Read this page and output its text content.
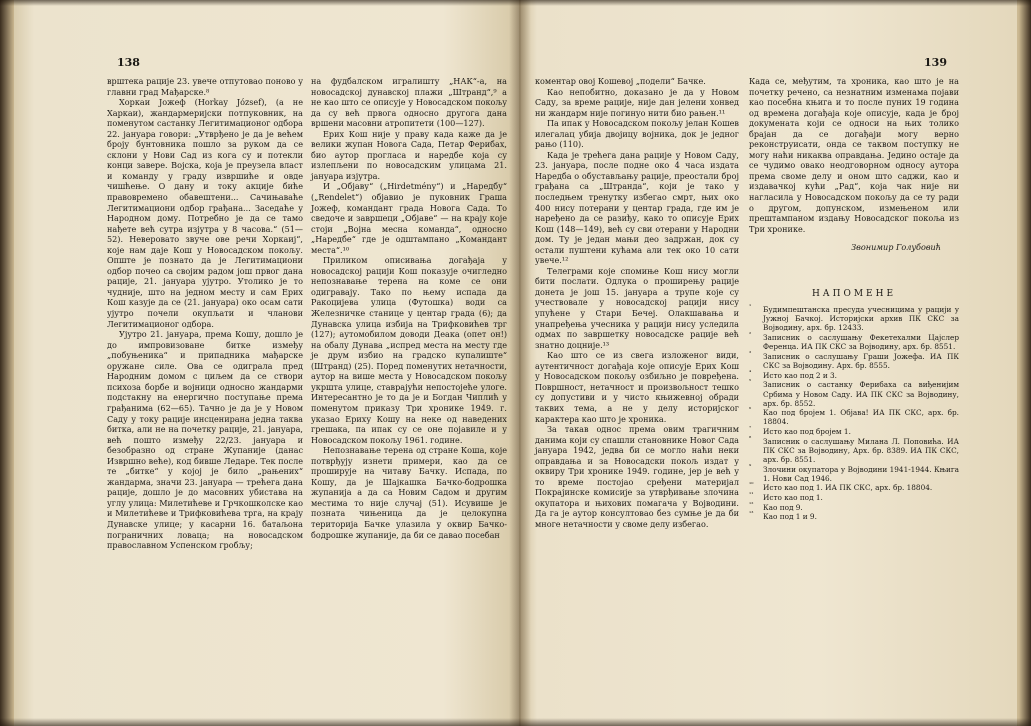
138

врштека рације 23. увече отпутовао поново у главни град Мађарске.⁸

Хоркаи Јожеф (Horkay József), (а не Харкаи), жандармеријски потпуковник, на поменутом састанку Легитимационог одбора 22. јануара говори: „Утврђено је да је већем броју бунтовника пошло за руком да се склони у Нови Сад из кога су и потекли конци завере. Војска, која је преузела власт и команду у граду извршиће и овде чишћење. О дану и току акције биће правовремено обавештени... Сачињаваће Легитимациони одбор грађана... Заседаће у Народном дому. Потребно је да се тамо нађете већ сутра изјутра у 8 часова.“ (51—52). Неверовато звуче ове речи Хоркаиј“, које нам даје Кош у Новосадском покољу. Опште је познато да је Легитимациони одбор почео са својим радом још првог дана рације, 21. јануара ујутро. Утолико је то чудније, што на једном месту и сам Ерих Кош казује да се (21. јануара) око осам сати ујутро почели окупљати и чланови Легитимационог одбора.

Ујутро 21. јануара, према Кошу, дошло је до импровизоване битке између „побуњеника“ и припадника мађарске оружане силе. Ова се одиграла пред Народним домом с циљем да се створи психоза борбе и војници односно жандарми подстакну на енергично поступање према грађанима (62—65). Тачно је да је у Новом Саду у току рације инсценирана једна таква битка, али не на почетку рације, 21. јануара, већ пошто између 22/23. јануара и безобразно од стране Жупаније (данас Извршно веће), код бивше Ледаре. Тек после те „битке“ у којој је било „рањених“ жандарма, значи 23. јануара — трећега дана рације, дошло је до масовних убистава на углу улица: Милетићеве и Грчкошколске као и Милетићеве и Трифковићева трга, на крају Дунавске улице; у касарни 16. батаљона пограничних ловаца; на новосадском православном Успенском гробљу;

на фудбалском игралишту „НАК“-а, на новосадској дунавској плажи „Штранд“,⁹ а не као што се описује у Новосадском покољу да су већ првога односно другога дана вршени масовни атропитети (100—127).

Ерих Кош није у праву када каже да је велики жупан Новога Сада, Петар Ферибах, био аутор прогласа и наредбе која су излепљени по новосадским улицама 21. јануара изјутра.

И „Објаву“ („Hirdetmény“) и „Наредбу“ („Rendelet“) објавио је пуковник Граша Јожеф, командант града Новога Сада. То сведоче и завршеци „Објаве“ — на крају које стоји „Војна месна команда“, односно „Наредбе“ где је одштампано „Командант места“.¹⁰

Приликом описивања догађаја у новосадској рацији Кош показује очигледно непознавање терена на коме се они одигравају. Тако по њему испада да Ракоцијева улица (Футошка) води са Железничке станице у центар града (6); да Дунавска улица избија на Трифковићев трг (127); аутомобилом доводи Деака (опет он!) на обалу Дунава „испред места на месту где је друм избио на градско купалиште“ (Штранд) (25). Поред поменутих нетачности, аутор на више места у Новосадском покољу укршта улице, ставрајући непостојеће улоге. Интересантно је то да је и Богдан Чиплић у поменутом приказу Три хронике 1949. г. указао Ериху Кошу на неке од наведених грешака, па ипак су се оне појавиле и у Новосадском покољу 1961. године.

Непознавање терена од стране Коша, које потврђују изнети примери, као да се проширује на читаву Бачку. Испада, по Кошу, да је Шајкашка Бачко-бодрошка жупанија а да са Новим Садом и другим местима то није случај (51). Исувише је позната чињеница да је целокупна територија Бачке улазила у оквир Бачко-бодрошке жупаније, да би се давао посебан

139

коментар овој Кошевој „подели“ Бачке.

Као непобитно, доказано је да у Новом Саду, за време рације, није дан јелени хонвед ни жандарм није погинуо нити био рањен.¹¹

Па ипак у Новосадском покољу јелан Кошев илегалац убија двојицу војника, док је једног рањо (110).

Када је трећега дана рације у Новом Саду, 23. јануара, после подне око 4 часа издата Наредба о обустављању рације, преостали број грађана са „Штранда“, који је тако у последњем тренутку избегао смрт, њих око 400 нису потерани у центар града, где им је наређено да се разиђу, како то описује Ерих Кош (148—149), већ су сви отерани у Народни дом. Ту је један мањи део задржан, док су остали пуштени кућама али тек око 10 сати увече.¹²

Телеграми које спомиње Кош нису могли бити послати. Одлука о проширењу рације донета је још 15. јануара а трупе које су учествовале у новосадској рацији нису упућене у Стари Бечеј. Олакшавања и унапређења учесника у рацији нису уследила одмах по завршетку новосадске рације већ знатно доцније.¹³

Као што се из свега изложеног види, аутентичност догађаја које описује Ерих Кош у Новосадском покољу озбиљно је повређена. Површност, нетачност и произвољност тешко су допустиви и у чисто књижевној обради таквих тема, а не у делу историјског карактера као што је хроника.

За такав однос према овим трагичним данима који су спашли становнике Новог Сада јануара 1942, једва би се могло наћи неки оправдања и за Новосадски покољ издат у оквиру Три хронике 1949. године, јер је већ у то време постојао сређени материјал Покрајинске комисије за утврђивање злочина окупатора и њихових помагача у Војводини. Да га је аутор консултовао без сумње је да би многе нетачности у своме делу избегао.

Када се, међутим, та хроника, као што је на почетку речено, са незнатним изменама појави као посебна књига и то после пуних 19 година од времена догађаја које описује, када је број докумената који се односи на њих толико брајан да се догађаји могу верно реконструисати, онда се таквом поступку не могу наћи никаква оправдања. Једино остаје да се чудимо овако неодговорном односу аутора према своме делу и оном што саджи, као и издавачкој кући „Рад“, која чак није ни нагласила у Новосадском покољу да се ту ради о другом, допунском, измењеном или прештампаном издању Новосадског покоља из Три хронике.

Звонимир Голубовић

НАПОМЕНЕ

¹ Будимпештанска пресуда учесницима у рацији у Јужној Бачкој. Историјски архив ПК СКС за Војводину, арх. бр. 12433.
² Записник о саслушању Фекетехалми Цајслер Ференца. ИА ПК СКС за Војводину, арх. бр. 8551.
³ Записник о саслушању Граши Јожефа. ИА ПК СКС за Војводину. Арх. бр. 8555.
⁴ Исто као под 2 и 3.
⁵ Записник о састанку Ферибаха са виђенијим Србима у Новом Саду. ИА ПК СКС за Војводину, арх. бр. 8552.
⁶ Као под бројем 1. Објава! ИА ПК СКС, арх. бр. 18804.
⁷ Исто као под бројем 1.
⁸ Записник о саслушању Милана Л. Поповића. ИА ПК СКС за Војводину, Арх. бр. 8389. ИА ПК СКС, арх. бр. 8551.
⁹ Злочини окупатора у Војводини 1941-1944. Књига 1. Нови Сад 1946.
¹⁰ Исто као под 1. ИА ПК СКС, арх. бр. 18804.
¹¹ Исто као под 1.
¹² Као под 9.
¹³ Као под 1 и 9.
